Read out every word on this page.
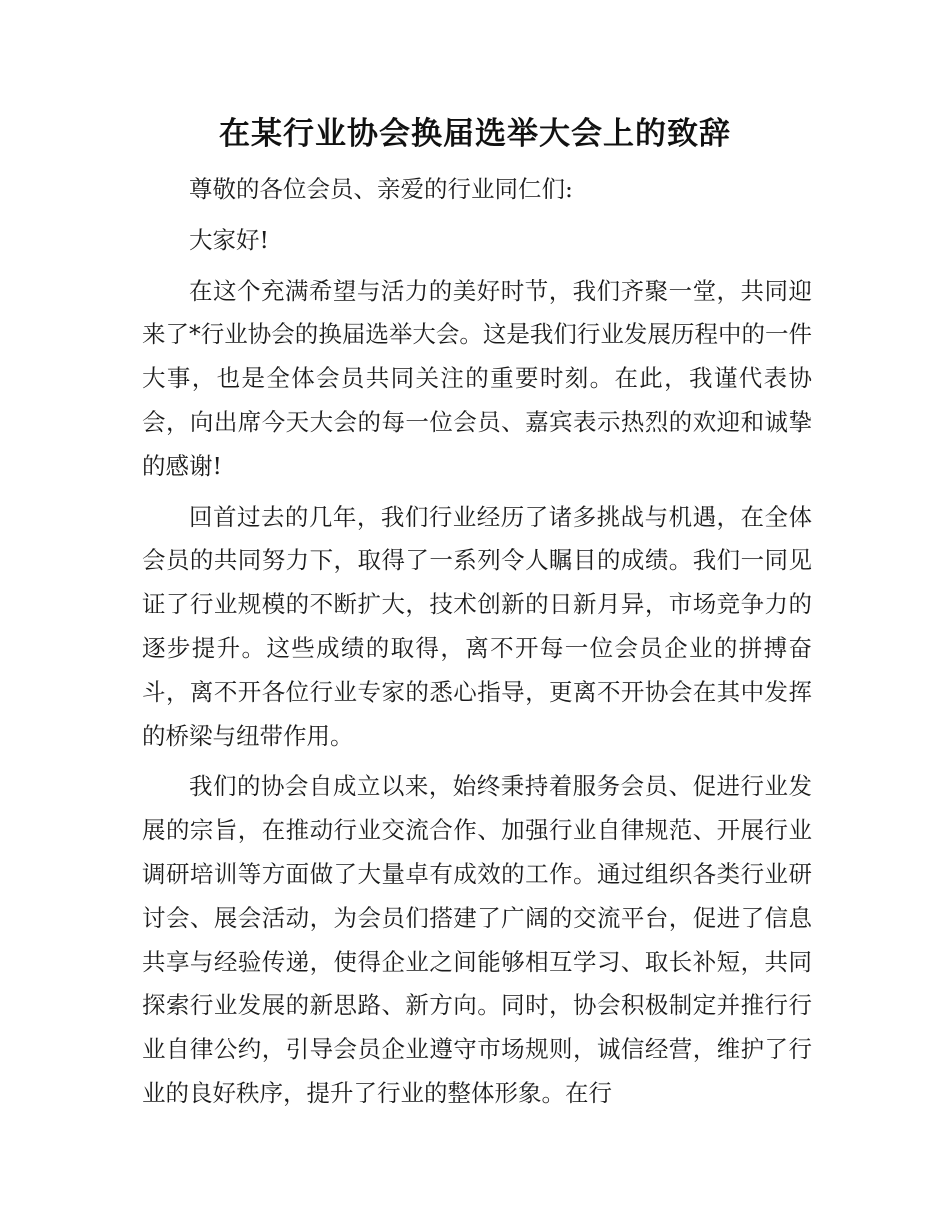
在某行业协会换届选举大会上的致辞

尊敬的各位会员、亲爱的行业同仁们:

大家好!

在这个充满希望与活力的美好时节，我们齐聚一堂，共同迎来了*行业协会的换届选举大会。这是我们行业发展历程中的一件大事，也是全体会员共同关注的重要时刻。在此，我谨代表协会，向出席今天大会的每一位会员、嘉宾表示热烈的欢迎和诚挚的感谢!

回首过去的几年，我们行业经历了诸多挑战与机遇，在全体会员的共同努力下，取得了一系列令人瞩目的成绩。我们一同见证了行业规模的不断扩大，技术创新的日新月异，市场竞争力的逐步提升。这些成绩的取得，离不开每一位会员企业的拼搏奋斗，离不开各位行业专家的悉心指导，更离不开协会在其中发挥的桥梁与纽带作用。

我们的协会自成立以来，始终秉持着服务会员、促进行业发展的宗旨，在推动行业交流合作、加强行业自律规范、开展行业调研培训等方面做了大量卓有成效的工作。通过组织各类行业研讨会、展会活动，为会员们搭建了广阔的交流平台，促进了信息共享与经验传递，使得企业之间能够相互学习、取长补短，共同探索行业发展的新思路、新方向。同时，协会积极制定并推行行业自律公约，引导会员企业遵守市场规则，诚信经营，维护了行业的良好秩序，提升了行业的整体形象。在行
